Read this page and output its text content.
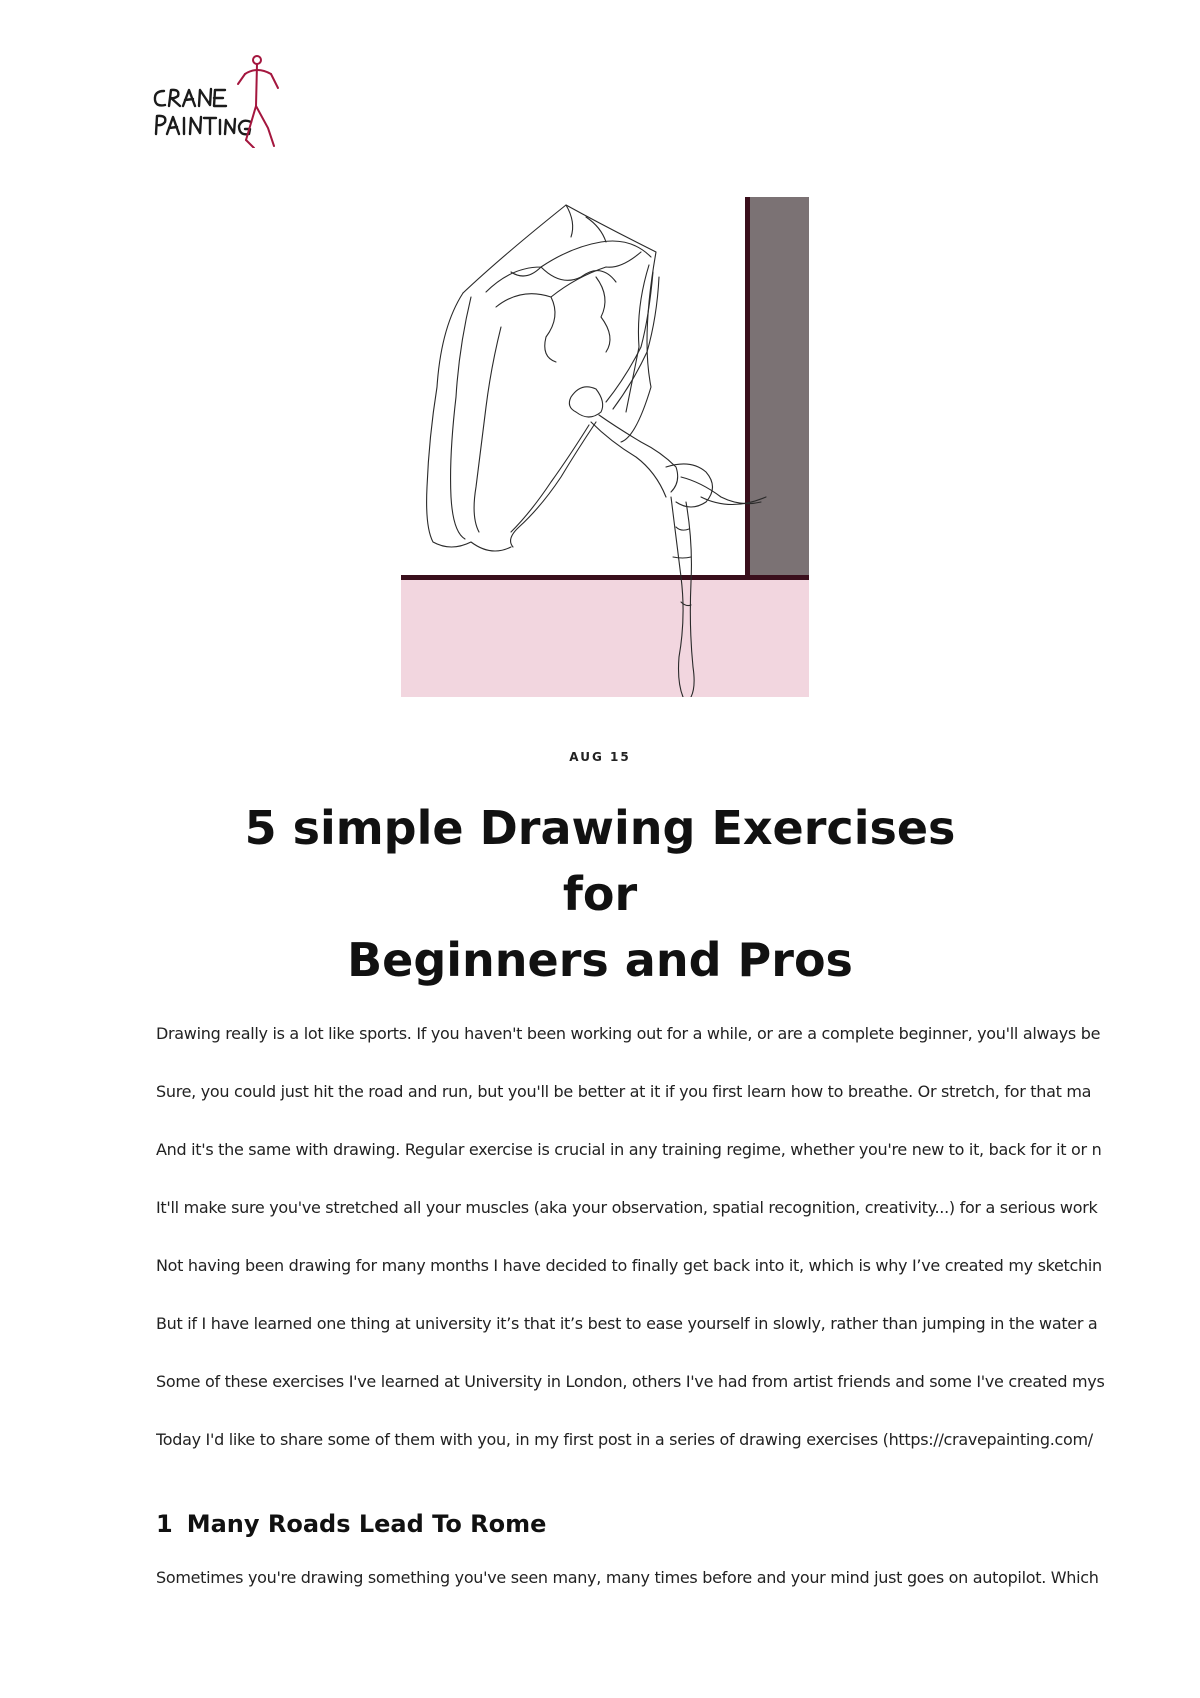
AUG 15
5 simple Drawing Exercises for
Beginners and Pros

Drawing really is a lot like sports. If you haven't been working out for a while, or are a complete beginner, you'll always be

Sure, you could just hit the road and run, but you'll be better at it if you first learn how to breathe. Or stretch, for that ma

And it's the same with drawing. Regular exercise is crucial in any training regime, whether you're new to it, back for it or n

It'll make sure you've stretched all your muscles (aka your observation, spatial recognition, creativity...) for a serious work

Not having been drawing for many months I have decided to finally get back into it, which is why I’ve created my sketchin

But if I have learned one thing at university it’s that it’s best to ease yourself in slowly, rather than jumping in the water a

Some of these exercises I've learned at University in London, others I've had from artist friends and some I've created mys

Today I'd like to share some of them with you, in my first post in a series of drawing exercises (https://cravepainting.com/

1 Many Roads Lead To Rome

Sometimes you're drawing something you've seen many, many times before and your mind just goes on autopilot. Which
